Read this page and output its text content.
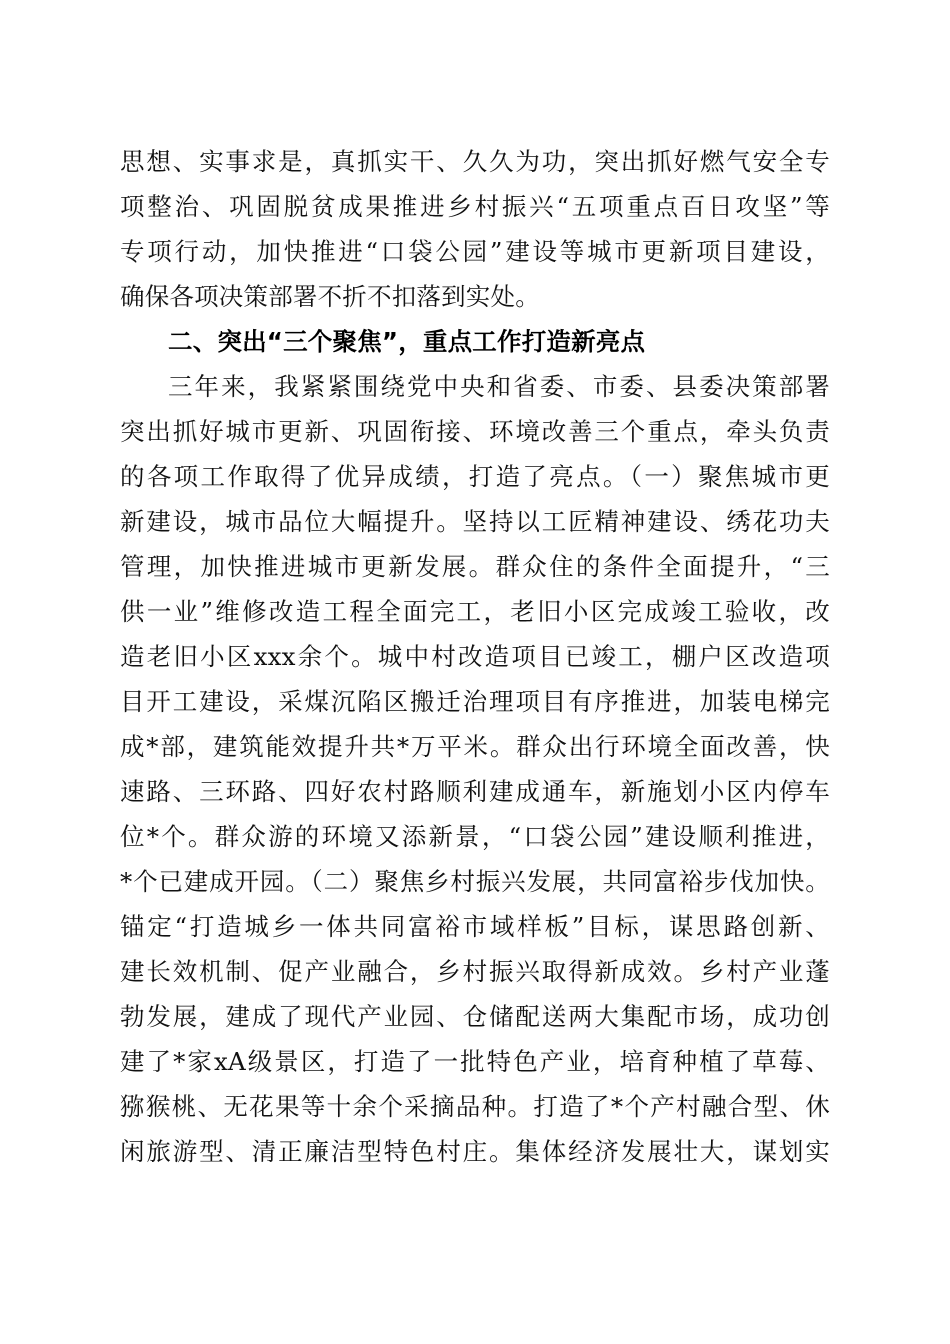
思想、实事求是，真抓实干、久久为功，突出抓好燃气安全专
项整治、巩固脱贫成果推进乡村振兴“五项重点百日攻坚”等
专项行动，加快推进“口袋公园”建设等城市更新项目建设，
确保各项决策部署不折不扣落到实处。
二、突出“三个聚焦”，重点工作打造新亮点
三年来，我紧紧围绕党中央和省委、市委、县委决策部署
突出抓好城市更新、巩固衔接、环境改善三个重点，牵头负责
的各项工作取得了优异成绩，打造了亮点。（一）聚焦城市更
新建设，城市品位大幅提升。坚持以工匠精神建设、绣花功夫
管理，加快推进城市更新发展。群众住的条件全面提升，“三
供一业”维修改造工程全面完工，老旧小区完成竣工验收，改
造老旧小区xxx余个。城中村改造项目已竣工，棚户区改造项
目开工建设，采煤沉陷区搬迁治理项目有序推进，加装电梯完
成*部，建筑能效提升共*万平米。群众出行环境全面改善，快
速路、三环路、四好农村路顺利建成通车，新施划小区内停车
位*个。群众游的环境又添新景，“口袋公园”建设顺利推进，
*个已建成开园。（二）聚焦乡村振兴发展，共同富裕步伐加快。
锚定“打造城乡一体共同富裕市域样板”目标，谋思路创新、
建长效机制、促产业融合，乡村振兴取得新成效。乡村产业蓬
勃发展，建成了现代产业园、仓储配送两大集配市场，成功创
建了*家xA级景区，打造了一批特色产业，培育种植了草莓、
猕猴桃、无花果等十余个采摘品种。打造了*个产村融合型、休
闲旅游型、清正廉洁型特色村庄。集体经济发展壮大，谋划实
